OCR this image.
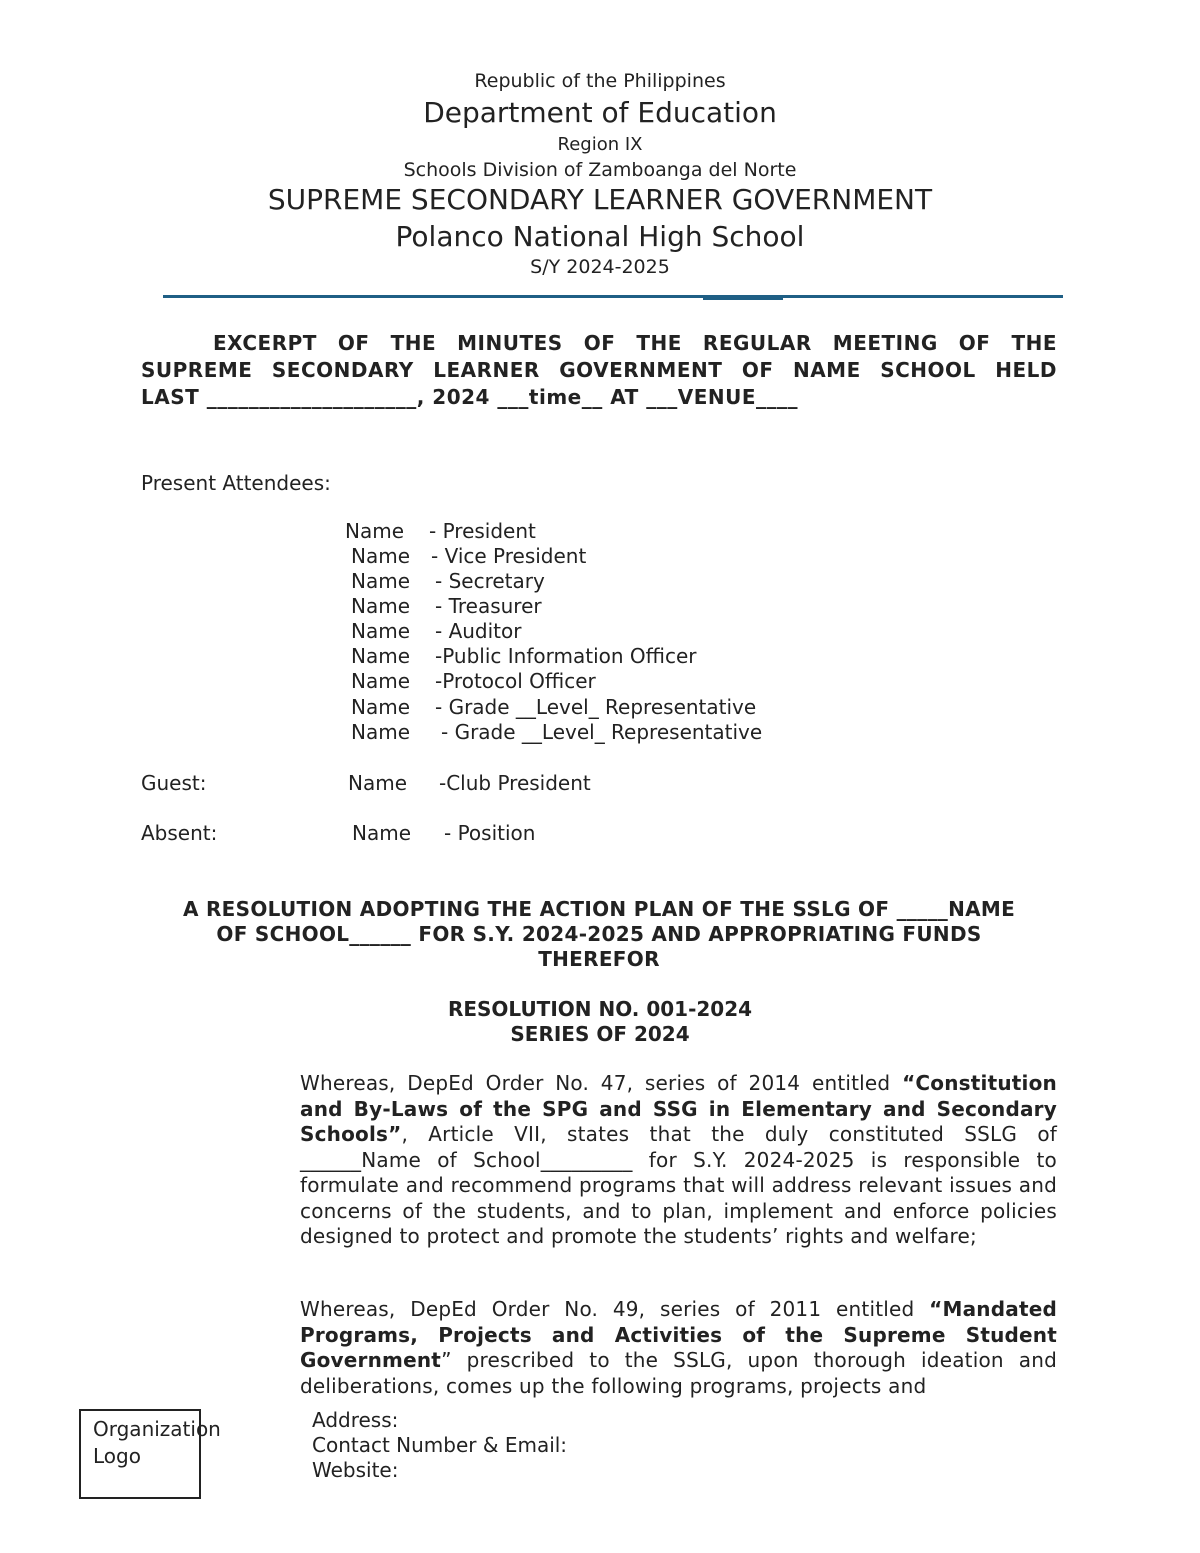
Republic of the Philippines
Department of Education
Region IX
Schools Division of Zamboanga del Norte
SUPREME SECONDARY LEARNER GOVERNMENT
Polanco National High School
S/Y 2024-2025
EXCERPT OF THE MINUTES OF THE REGULAR MEETING OF THE
SUPREME SECONDARY LEARNER GOVERNMENT OF NAME SCHOOL HELD
LAST ____________________, 2024 ___time__ AT ___VENUE____
Present Attendees:
Name - President
Name - Vice President
Name - Secretary
Name - Treasurer
Name - Auditor
Name -Public Information Officer
Name -Protocol Officer
Name - Grade __Level_ Representative
Name - Grade __Level_ Representative
Guest:	Name -Club President
Absent:	Name - Position
A RESOLUTION ADOPTING THE ACTION PLAN OF THE SSLG OF _____NAME
OF SCHOOL______ FOR S.Y. 2024-2025 AND APPROPRIATING FUNDS
THEREFOR
RESOLUTION NO. 001-2024
SERIES OF 2024
Whereas, DepEd Order No. 47, series of 2014 entitled “Constitution and By-Laws of the SPG and SSG in Elementary and Secondary Schools”, Article VII, states that the duly constituted SSLG of ______Name of School_________ for S.Y. 2024-2025 is responsible to formulate and recommend programs that will address relevant issues and concerns of the students, and to plan, implement and enforce policies designed to protect and promote the students’ rights and welfare;
Whereas, DepEd Order No. 49, series of 2011 entitled “Mandated Programs, Projects and Activities of the Supreme Student Government” prescribed to the SSLG, upon thorough ideation and deliberations, comes up the following programs, projects and
Organization Logo
Address:
Contact Number & Email:
Website:
